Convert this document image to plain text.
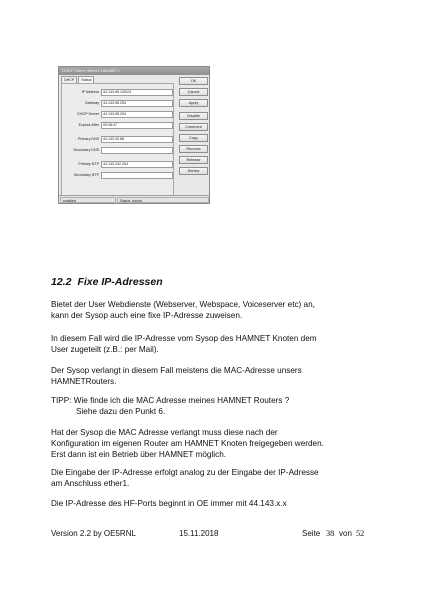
DHCP Client <ether1-HAMNET>
DHCP	Status
IP Address	44.143.96.149/24
Gateway	44.143.96.254
DHCP Server	44.143.96.254
Expires After	00:08:47
Primary DNS	44.143.40.88
Secondary DNS
Primary NTP	44.143.242.254
Secondary NTP
OK
Cancel
Apply
Disable
Comment
Copy
Remove
Release
Renew
enabled	Status: bound
12.2 Fixe IP-Adressen
Bietet der User Webdienste (Webserver, Webspace, Voiceserver etc) an,
kann der Sysop auch eine fixe IP-Adresse zuweisen.
In diesem Fall wird die IP-Adresse vom Sysop des HAMNET Knoten dem
User zugeteilt (z.B.: per Mail).
Der Sysop verlangt in diesem Fall meistens die MAC-Adresse unsers
HAMNETRouters.
TIPP: Wie finde ich die MAC Adresse meines HAMNET Routers ?
Siehe dazu den Punkt 6.
Hat der Sysop die MAC Adresse verlangt muss diese nach der
Konfiguration im eigenen Router am HAMNET Knoten freigegeben werden.
Erst dann ist ein Betrieb über HAMNET möglich.
Die Eingabe der IP-Adresse erfolgt analog zu der Eingabe der IP-Adresse
am Anschluss ether1.
Die IP-Adresse des HF-Ports beginnt in OE immer mit 44.143.x.x
Version 2.2 by OE5RNL	15.11.2018	Seite 38 von 52
